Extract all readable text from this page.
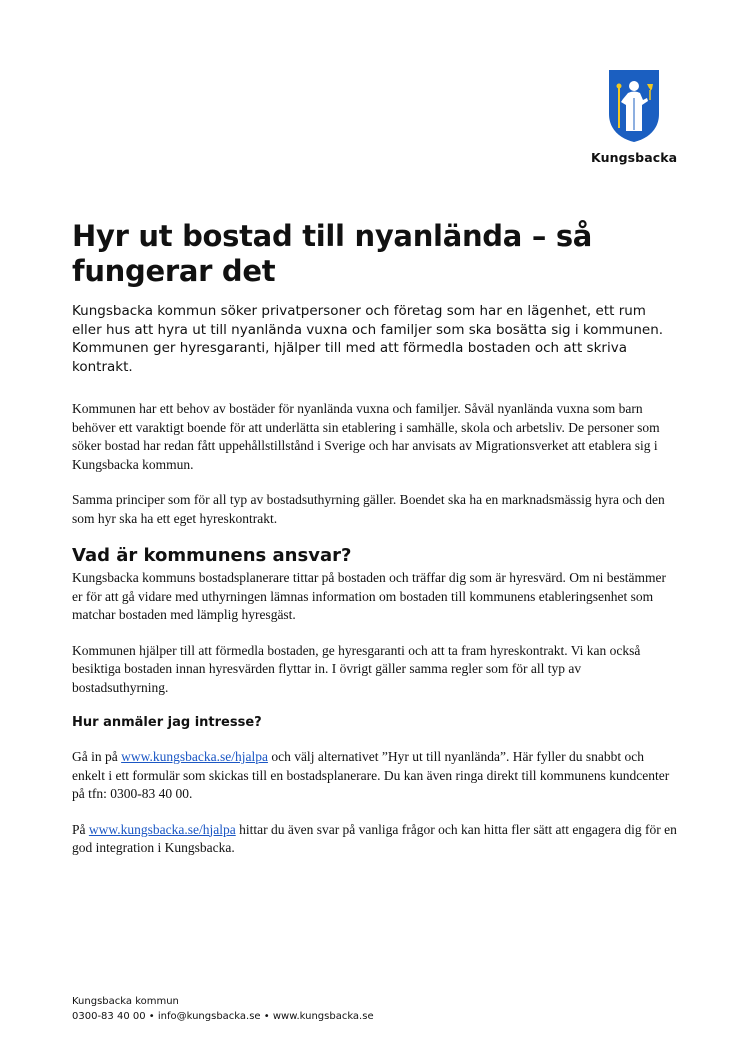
Kungsbacka
Hyr ut bostad till nyanlända – så fungerar det

Kungsbacka kommun söker privatpersoner och företag som har en lägenhet, ett rum eller hus att hyra ut till nyanlända vuxna och familjer som ska bosätta sig i kommunen. Kommunen ger hyresgaranti, hjälper till med att förmedla bostaden och att skriva kontrakt.

Kommunen har ett behov av bostäder för nyanlända vuxna och familjer. Såväl nyanlända vuxna som barn behöver ett varaktigt boende för att underlätta sin etablering i samhälle, skola och arbetsliv. De personer som söker bostad har redan fått uppehållstillstånd i Sverige och har anvisats av Migrationsverket att etablera sig i Kungsbacka kommun.

Samma principer som för all typ av bostadsuthyrning gäller. Boendet ska ha en marknadsmässig hyra och den som hyr ska ha ett eget hyreskontrakt.

Vad är kommunens ansvar?

Kungsbacka kommuns bostadsplanerare tittar på bostaden och träffar dig som är hyresvärd. Om ni bestämmer er för att gå vidare med uthyrningen lämnas information om bostaden till kommunens etableringsenhet som matchar bostaden med lämplig hyresgäst.

Kommunen hjälper till att förmedla bostaden, ge hyresgaranti och att ta fram hyreskontrakt. Vi kan också besiktiga bostaden innan hyresvärden flyttar in. I övrigt gäller samma regler som för all typ av bostadsuthyrning.

Hur anmäler jag intresse?

Gå in på www.kungsbacka.se/hjalpa och välj alternativet ”Hyr ut till nyanlända”. Här fyller du snabbt och enkelt i ett formulär som skickas till en bostadsplanerare. Du kan även ringa direkt till kommunens kundcenter på tfn: 0300-83 40 00.

På www.kungsbacka.se/hjalpa hittar du även svar på vanliga frågor och kan hitta fler sätt att engagera dig för en god integration i Kungsbacka.

Kungsbacka kommun
0300-83 40 00 • info@kungsbacka.se • www.kungsbacka.se
